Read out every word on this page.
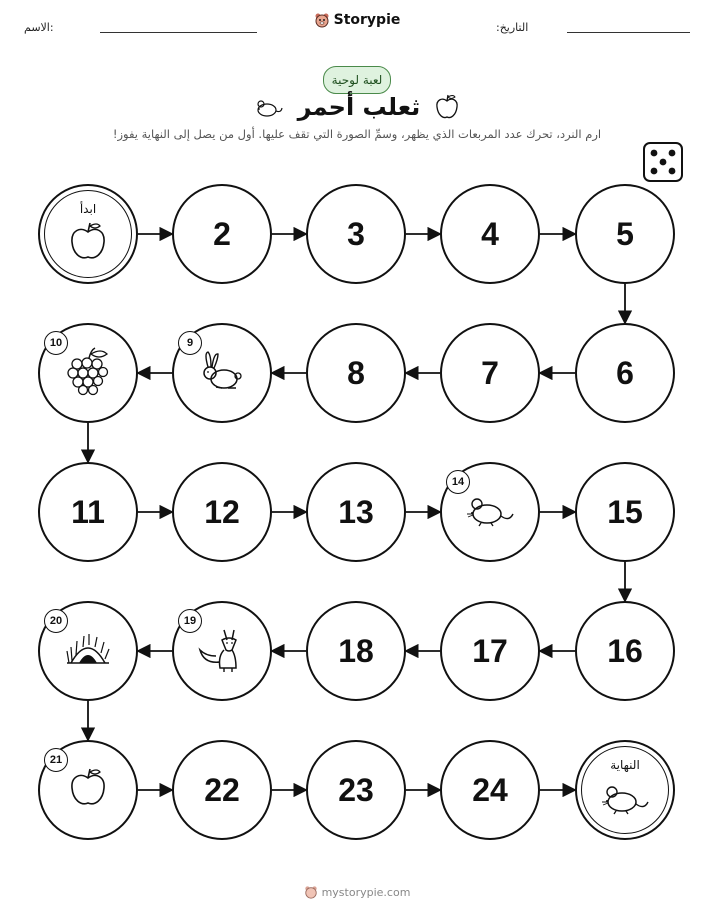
الاسم:	التاريخ:
Storypie
لعبة لوحية
ثعلب أحمر
ارم النرد، تحرك عدد المربعات الذي يظهر، وسمِّ الصورة التي تقف عليها. أول من يصل إلى النهاية يفوز!
ابدأ
2	3	4	5
6
7
8
9
10
11	12	13
14
15
16
17
18
19
20
21
22	23	24
النهاية
mystorypie.com
